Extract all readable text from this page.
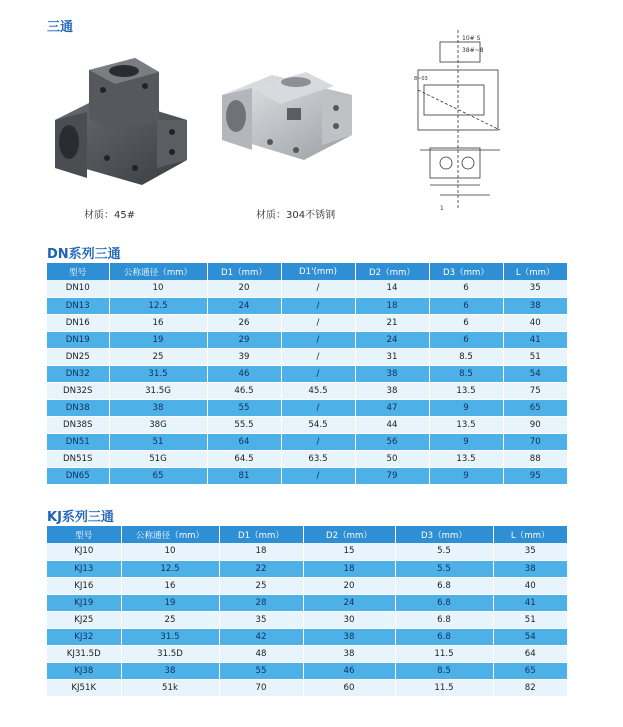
三通
材质：45#	材质：304不锈钢
10# S
38#~8
8~03
1
DN系列三通
型号	公称通径（mm）	D1（mm）	D1'(mm)	D2（mm）	D3（mm）	L（mm）
DN10	10	20	/	14	6	35
DN13	12.5	24	/	18	6	38
DN16	16	26	/	21	6	40
DN19	19	29	/	24	6	41
DN25	25	39	/	31	8.5	51
DN32	31.5	46	/	38	8.5	54
DN32S	31.5G	46.5	45.5	38	13.5	75
DN38	38	55	/	47	9	65
DN38S	38G	55.5	54.5	44	13.5	90
DN51	51	64	/	56	9	70
DN51S	51G	64.5	63.5	50	13.5	88
DN65	65	81	/	79	9	95
KJ系列三通
型号	公称通径（mm）	D1（mm）	D2（mm）	D3（mm）	L（mm）
KJ10	10	18	15	5.5	35
KJ13	12.5	22	18	5.5	38
KJ16	16	25	20	6.8	40
KJ19	19	28	24	6.8	41
KJ25	25	35	30	6.8	51
KJ32	31.5	42	38	6.8	54
KJ31.5D	31.5D	48	38	11.5	64
KJ38	38	55	46	8.5	65
KJ51K	51k	70	60	11.5	82
